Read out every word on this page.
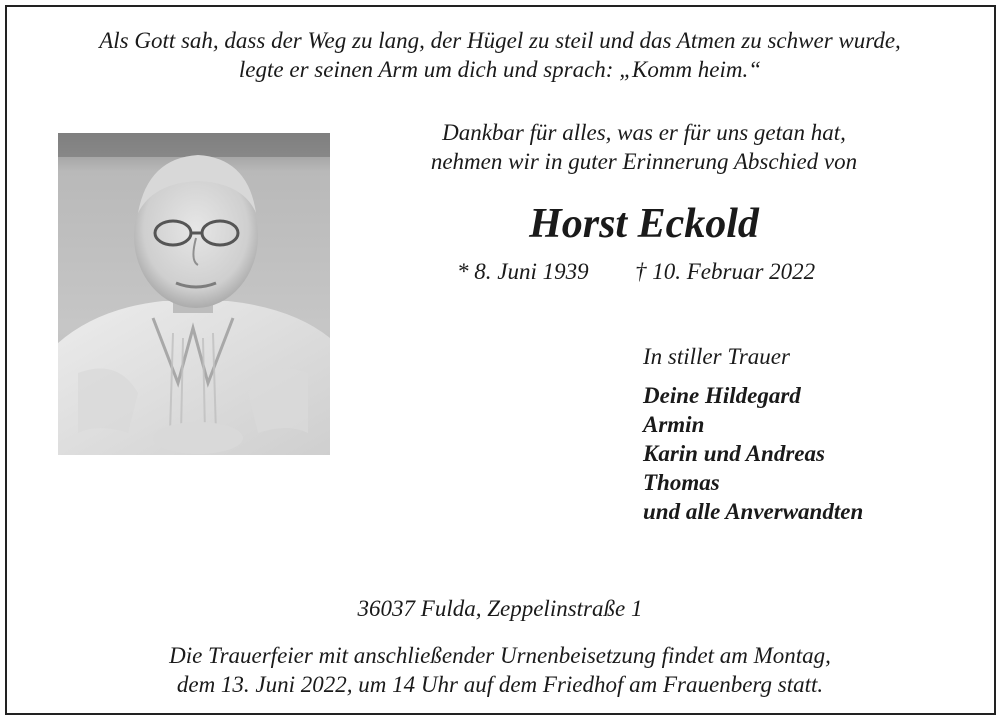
Als Gott sah, dass der Weg zu lang, der Hügel zu steil und das Atmen zu schwer wurde,
legte er seinen Arm um dich und sprach: „Komm heim.“
Dankbar für alles, was er für uns getan hat,
nehmen wir in guter Erinnerung Abschied von
Horst Eckold
* 8. Juni 1939 † 10. Februar 2022
In stiller Trauer
Deine Hildegard
Armin
Karin und Andreas
Thomas
und alle Anverwandten
36037 Fulda, Zeppelinstraße 1
Die Trauerfeier mit anschließender Urnenbeisetzung findet am Montag,
dem 13. Juni 2022, um 14 Uhr auf dem Friedhof am Frauenberg statt.
